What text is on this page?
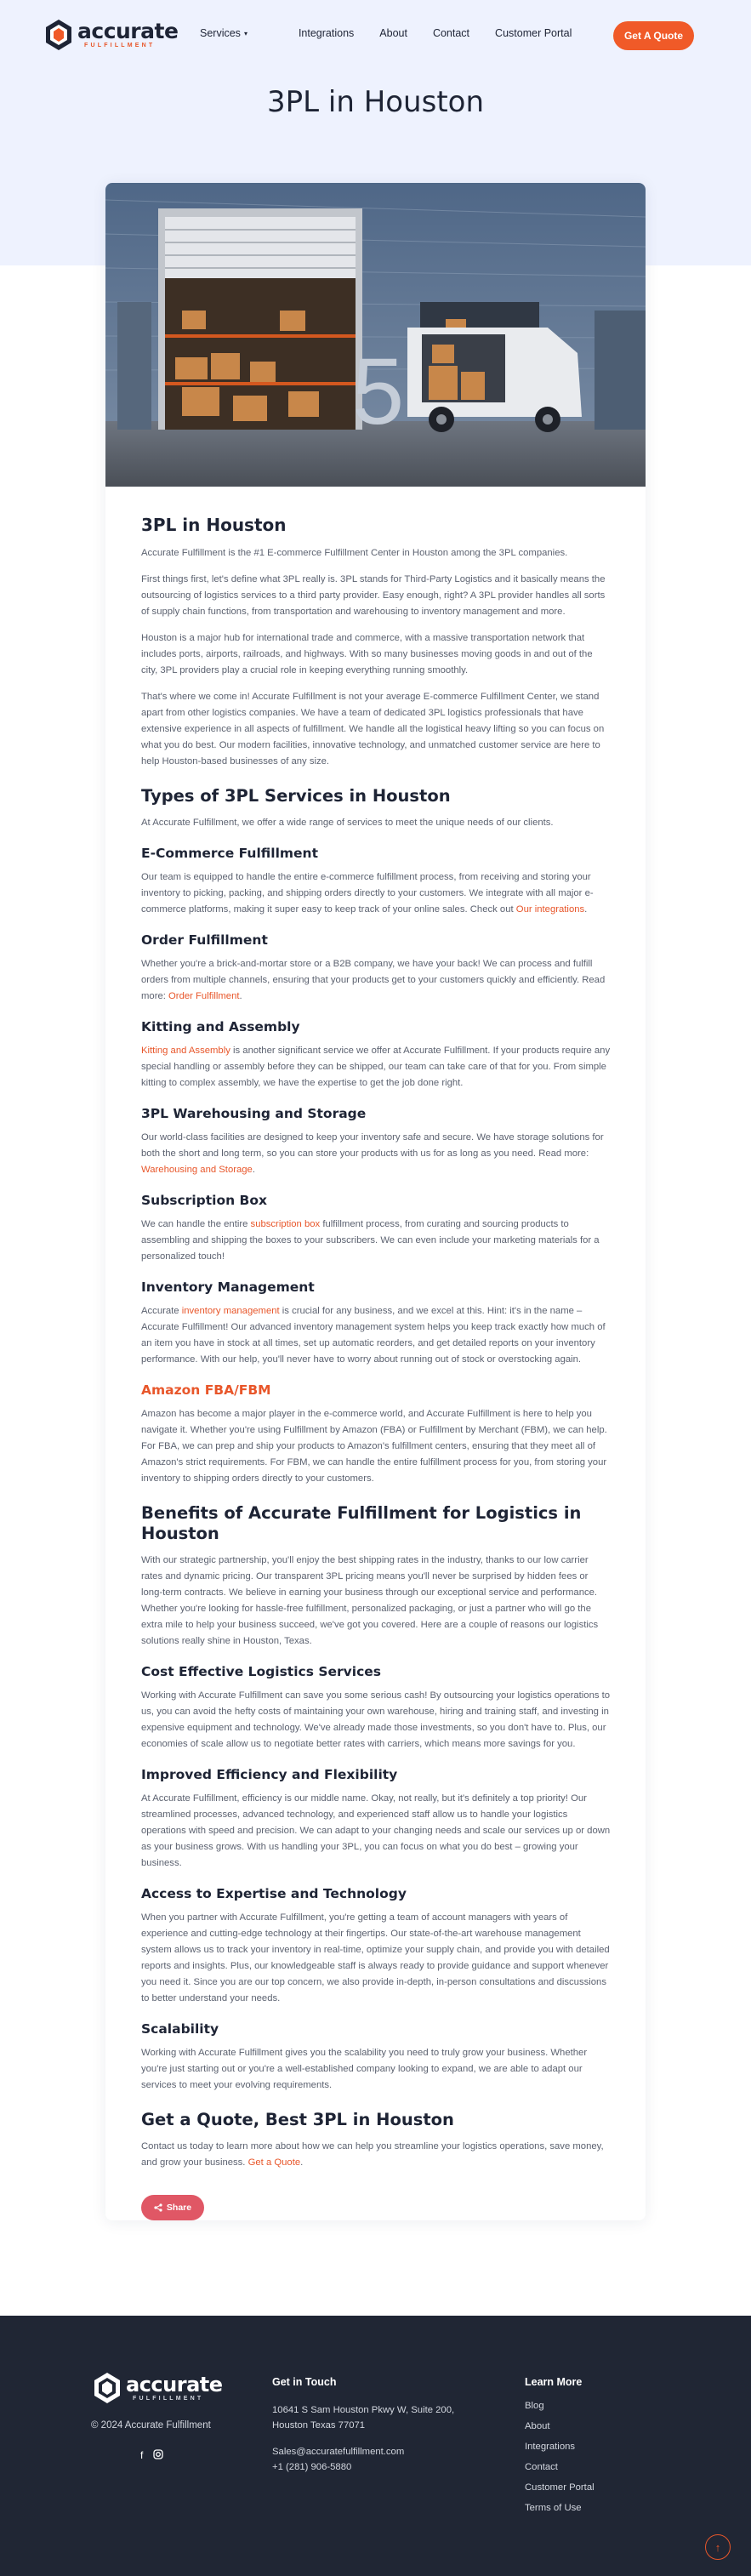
accurate
FULFILLMENT
Services ▾	Integrations About Contact Customer Portal	Get A Quote
3PL in Houston
5
3PL in Houston

Accurate Fulfillment is the #1 E-commerce Fulfillment Center in Houston among the 3PL companies.

First things first, let's define what 3PL really is. 3PL stands for Third-Party Logistics and it basically means the outsourcing of logistics services to a third party provider. Easy enough, right? A 3PL provider handles all sorts of supply chain functions, from transportation and warehousing to inventory management and more.

Houston is a major hub for international trade and commerce, with a massive transportation network that includes ports, airports, railroads, and highways. With so many businesses moving goods in and out of the city, 3PL providers play a crucial role in keeping everything running smoothly.

That's where we come in! Accurate Fulfillment is not your average E-commerce Fulfillment Center, we stand apart from other logistics companies. We have a team of dedicated 3PL logistics professionals that have extensive experience in all aspects of fulfillment. We handle all the logistical heavy lifting so you can focus on what you do best. Our modern facilities, innovative technology, and unmatched customer service are here to help Houston-based businesses of any size.

Types of 3PL Services in Houston

At Accurate Fulfillment, we offer a wide range of services to meet the unique needs of our clients.

E-Commerce Fulfillment

Our team is equipped to handle the entire e-commerce fulfillment process, from receiving and storing your inventory to picking, packing, and shipping orders directly to your customers. We integrate with all major e-commerce platforms, making it super easy to keep track of your online sales. Check out Our integrations.

Order Fulfillment

Whether you're a brick-and-mortar store or a B2B company, we have your back! We can process and fulfill orders from multiple channels, ensuring that your products get to your customers quickly and efficiently. Read more: Order Fulfillment.

Kitting and Assembly

Kitting and Assembly is another significant service we offer at Accurate Fulfillment. If your products require any special handling or assembly before they can be shipped, our team can take care of that for you. From simple kitting to complex assembly, we have the expertise to get the job done right.

3PL Warehousing and Storage

Our world-class facilities are designed to keep your inventory safe and secure. We have storage solutions for both the short and long term, so you can store your products with us for as long as you need. Read more: Warehousing and Storage.

Subscription Box

We can handle the entire subscription box fulfillment process, from curating and sourcing products to assembling and shipping the boxes to your subscribers. We can even include your marketing materials for a personalized touch!

Inventory Management

Accurate inventory management is crucial for any business, and we excel at this. Hint: it's in the name – Accurate Fulfillment! Our advanced inventory management system helps you keep track exactly how much of an item you have in stock at all times, set up automatic reorders, and get detailed reports on your inventory performance. With our help, you'll never have to worry about running out of stock or overstocking again.

Amazon FBA/FBM

Amazon has become a major player in the e-commerce world, and Accurate Fulfillment is here to help you navigate it. Whether you're using Fulfillment by Amazon (FBA) or Fulfillment by Merchant (FBM), we can help. For FBA, we can prep and ship your products to Amazon's fulfillment centers, ensuring that they meet all of Amazon's strict requirements. For FBM, we can handle the entire fulfillment process for you, from storing your inventory to shipping orders directly to your customers.

Benefits of Accurate Fulfillment for Logistics in Houston

With our strategic partnership, you'll enjoy the best shipping rates in the industry, thanks to our low carrier rates and dynamic pricing. Our transparent 3PL pricing means you'll never be surprised by hidden fees or long-term contracts. We believe in earning your business through our exceptional service and performance. Whether you're looking for hassle-free fulfillment, personalized packaging, or just a partner who will go the extra mile to help your business succeed, we've got you covered. Here are a couple of reasons our logistics solutions really shine in Houston, Texas.

Cost Effective Logistics Services

Working with Accurate Fulfillment can save you some serious cash! By outsourcing your logistics operations to us, you can avoid the hefty costs of maintaining your own warehouse, hiring and training staff, and investing in expensive equipment and technology. We've already made those investments, so you don't have to. Plus, our economies of scale allow us to negotiate better rates with carriers, which means more savings for you.

Improved Efficiency and Flexibility

At Accurate Fulfillment, efficiency is our middle name. Okay, not really, but it's definitely a top priority! Our streamlined processes, advanced technology, and experienced staff allow us to handle your logistics operations with speed and precision. We can adapt to your changing needs and scale our services up or down as your business grows. With us handling your 3PL, you can focus on what you do best – growing your business.

Access to Expertise and Technology

When you partner with Accurate Fulfillment, you're getting a team of account managers with years of experience and cutting-edge technology at their fingertips. Our state-of-the-art warehouse management system allows us to track your inventory in real-time, optimize your supply chain, and provide you with detailed reports and insights. Plus, our knowledgeable staff is always ready to provide guidance and support whenever you need it. Since you are our top concern, we also provide in-depth, in-person consultations and discussions to better understand your needs.

Scalability

Working with Accurate Fulfillment gives you the scalability you need to truly grow your business. Whether you're just starting out or you're a well-established company looking to expand, we are able to adapt our services to meet your evolving requirements.

Get a Quote, Best 3PL in Houston

Contact us today to learn more about how we can help you streamline your logistics operations, save money, and grow your business. Get a Quote.

Share
accurate
FULFILLMENT
© 2024 Accurate Fulfillment
f
Get in Touch
10641 S Sam Houston Pkwy W, Suite 200,
Houston Texas 77071
Sales@accuratefulfillment.com
+1 (281) 906-5880
Learn More
Blog
About
Integrations
Contact
Customer Portal
Terms of Use
↑
